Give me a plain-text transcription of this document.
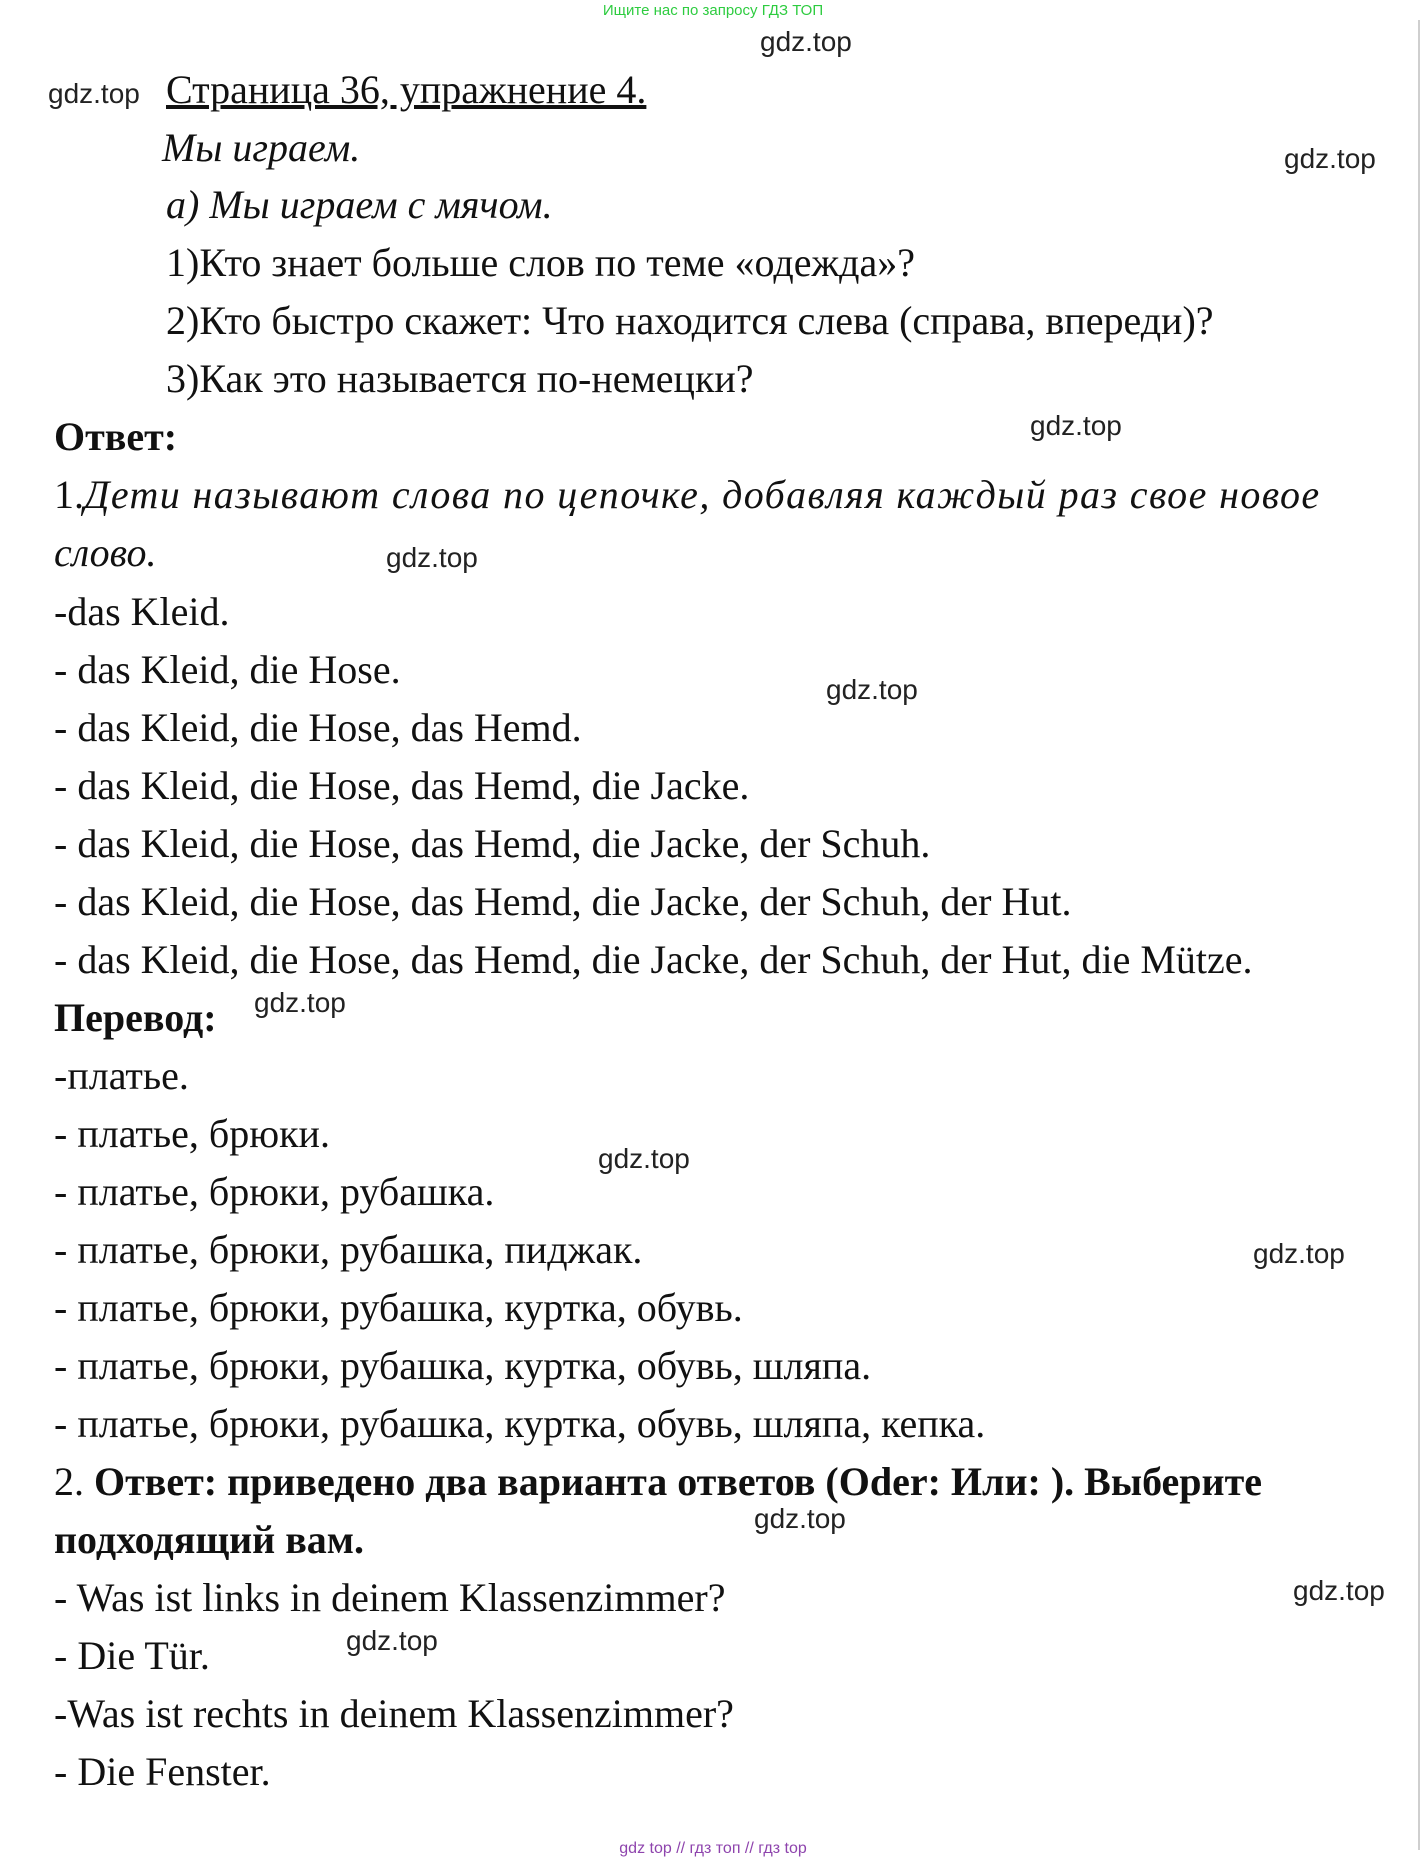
Ищите нас по запросу ГДЗ ТОП
gdz.top
gdz.top
gdz.top
gdz.top
gdz.top
gdz.top
gdz.top
gdz.top
gdz.top
gdz.top
gdz.top
gdz.top
Страница 36, упражнение 4.
Мы играем.
а) Мы играем с мячом.
1)Кто знает больше слов по теме «одежда»?
2)Кто быстро скажет: Что находится слева (справа, впереди)?
3)Как это называется по-немецки?
Ответ:
1.Дети называют слова по цепочке, добавляя каждый раз свое новое
слово.
-das Kleid.
- das Kleid, die Hose.
- das Kleid, die Hose, das Hemd.
- das Kleid, die Hose, das Hemd, die Jacke.
- das Kleid, die Hose, das Hemd, die Jacke, der Schuh.
- das Kleid, die Hose, das Hemd, die Jacke, der Schuh, der Hut.
- das Kleid, die Hose, das Hemd, die Jacke, der Schuh, der Hut, die Mütze.
Перевод:
-платье.
- платье, брюки.
- платье, брюки, рубашка.
- платье, брюки, рубашка, пиджак.
- платье, брюки, рубашка, куртка, обувь.
- платье, брюки, рубашка, куртка, обувь, шляпа.
- платье, брюки, рубашка, куртка, обувь, шляпа, кепка.
2. Ответ: приведено два варианта ответов (Oder: Или: ). Выберите
подходящий вам.
- Was ist links in deinem Klassenzimmer?
- Die Tür.
-Was ist rechts in deinem Klassenzimmer?
- Die Fenster.
gdz top // гдз топ // гдз top
